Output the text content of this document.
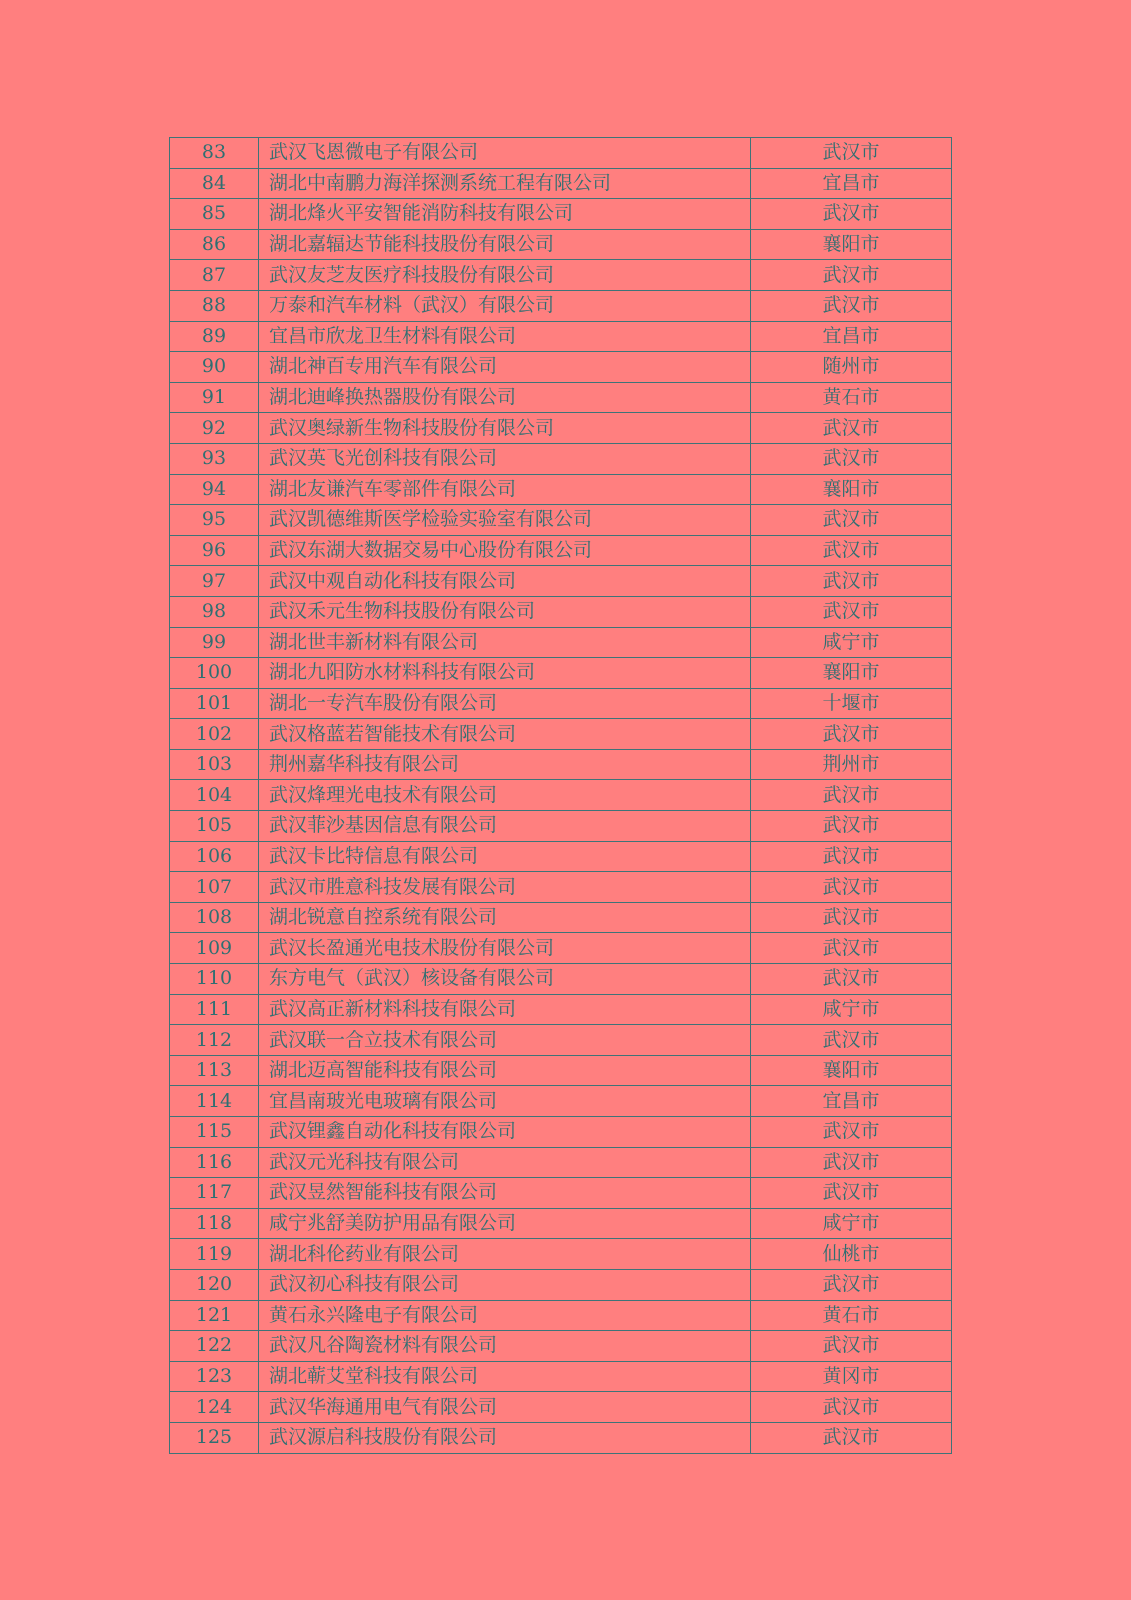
83	武汉飞恩微电子有限公司	武汉市
84	湖北中南鹏力海洋探测系统工程有限公司	宜昌市
85	湖北烽火平安智能消防科技有限公司	武汉市
86	湖北嘉辐达节能科技股份有限公司	襄阳市
87	武汉友芝友医疗科技股份有限公司	武汉市
88	万泰和汽车材料（武汉）有限公司	武汉市
89	宜昌市欣龙卫生材料有限公司	宜昌市
90	湖北神百专用汽车有限公司	随州市
91	湖北迪峰换热器股份有限公司	黄石市
92	武汉奥绿新生物科技股份有限公司	武汉市
93	武汉英飞光创科技有限公司	武汉市
94	湖北友谦汽车零部件有限公司	襄阳市
95	武汉凯德维斯医学检验实验室有限公司	武汉市
96	武汉东湖大数据交易中心股份有限公司	武汉市
97	武汉中观自动化科技有限公司	武汉市
98	武汉禾元生物科技股份有限公司	武汉市
99	湖北世丰新材料有限公司	咸宁市
100	湖北九阳防水材料科技有限公司	襄阳市
101	湖北一专汽车股份有限公司	十堰市
102	武汉格蓝若智能技术有限公司	武汉市
103	荆州嘉华科技有限公司	荆州市
104	武汉烽理光电技术有限公司	武汉市
105	武汉菲沙基因信息有限公司	武汉市
106	武汉卡比特信息有限公司	武汉市
107	武汉市胜意科技发展有限公司	武汉市
108	湖北锐意自控系统有限公司	武汉市
109	武汉长盈通光电技术股份有限公司	武汉市
110	东方电气（武汉）核设备有限公司	武汉市
111	武汉高正新材料科技有限公司	咸宁市
112	武汉联一合立技术有限公司	武汉市
113	湖北迈高智能科技有限公司	襄阳市
114	宜昌南玻光电玻璃有限公司	宜昌市
115	武汉锂鑫自动化科技有限公司	武汉市
116	武汉元光科技有限公司	武汉市
117	武汉昱然智能科技有限公司	武汉市
118	咸宁兆舒美防护用品有限公司	咸宁市
119	湖北科伦药业有限公司	仙桃市
120	武汉初心科技有限公司	武汉市
121	黄石永兴隆电子有限公司	黄石市
122	武汉凡谷陶瓷材料有限公司	武汉市
123	湖北蕲艾堂科技有限公司	黄冈市
124	武汉华海通用电气有限公司	武汉市
125	武汉源启科技股份有限公司	武汉市
